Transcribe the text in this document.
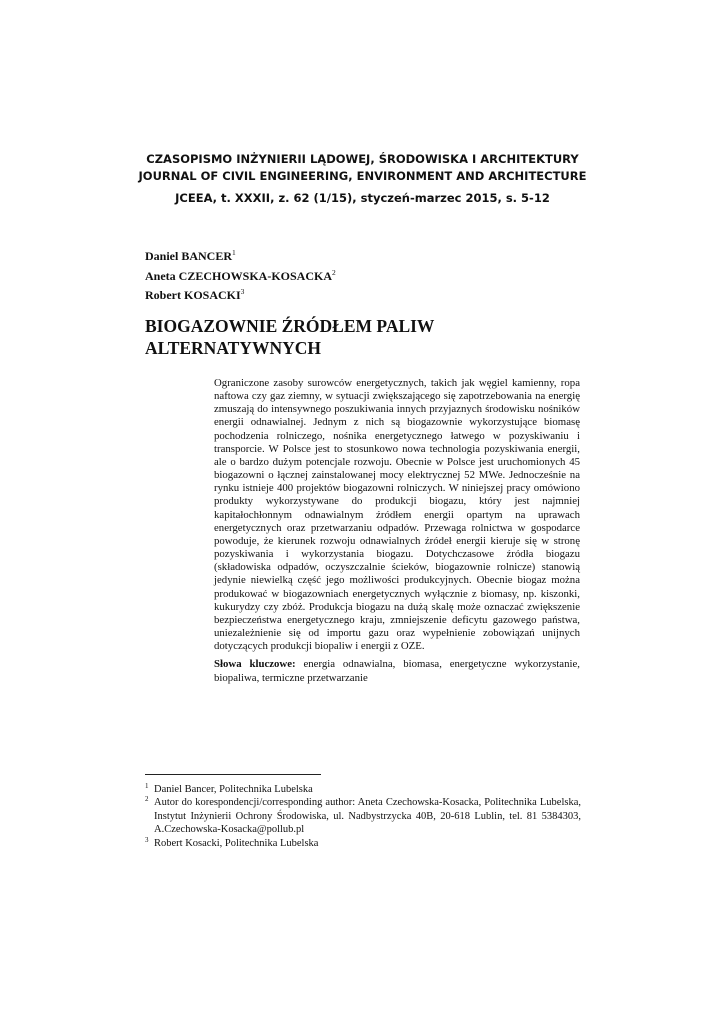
CZASOPISMO INŻYNIERII LĄDOWEJ, ŚRODOWISKA I ARCHITEKTURY
JOURNAL OF CIVIL ENGINEERING, ENVIRONMENT AND ARCHITECTURE
JCEEA, t. XXXII, z. 62 (1/15), styczeń-marzec 2015, s. 5-12
Daniel BANCER$^1$
Aneta CZECHOWSKA-KOSACKA$^2$
Robert KOSACKI$^3$
BIOGAZOWNIE ŹRÓDŁEM PALIW
ALTERNATYWNYCH
Ograniczone zasoby surowców energetycznych, takich jak węgiel kamienny, ropa naftowa czy gaz ziemny, w sytuacji zwiększającego się zapotrzebowania na energię zmuszają do intensywnego poszukiwania innych przyjaznych środowisku nośników energii odnawialnej. Jednym z nich są biogazownie wykorzystujące biomasę pochodzenia rolniczego, nośnika energetycznego łatwego w pozyskiwaniu i transporcie. W Polsce jest to stosunkowo nowa technologia pozyskiwania energii, ale o bardzo dużym potencjale rozwoju. Obecnie w Polsce jest uruchomionych 45 biogazowni o łącznej zainstalowanej mocy elektrycznej 52 MWe. Jednocześnie na rynku istnieje 400 projektów biogazowni rolniczych. W niniejszej pracy omówiono produkty wykorzystywane do produkcji biogazu, który jest najmniej kapitałochłonnym odnawialnym źródłem energii opartym na uprawach energetycznych oraz przetwarzaniu odpadów. Przewaga rolnictwa w gospodarce powoduje, że kierunek rozwoju odnawialnych źródeł energii kieruje się w stronę pozyskiwania i wykorzystania biogazu. Dotychczasowe źródła biogazu (składowiska odpadów, oczyszczalnie ścieków, biogazownie rolnicze) stanowią jedynie niewielką część jego możliwości produkcyjnych. Obecnie biogaz można produkować w biogazowniach energetycznych wyłącznie z biomasy, np. kiszonki, kukurydzy czy zbóż. Produkcja biogazu na dużą skalę może oznaczać zwiększenie bezpieczeństwa energetycznego kraju, zmniejszenie deficytu gazowego państwa, uniezależnienie się od importu gazu oraz wypełnienie zobowiązań unijnych dotyczących produkcji biopaliw i energii z OZE.
Słowa kluczowe: energia odnawialna, biomasa, energetyczne wykorzystanie, biopaliwa, termiczne przetwarzanie
1 Daniel Bancer, Politechnika Lubelska
2 Autor do korespondencji/corresponding author: Aneta Czechowska-Kosacka, Politechnika Lubelska, Instytut Inżynierii Ochrony Środowiska, ul. Nadbystrzycka 40B, 20-618 Lublin, tel. 81 5384303, A.Czechowska-Kosacka@pollub.pl
3 Robert Kosacki, Politechnika Lubelska
